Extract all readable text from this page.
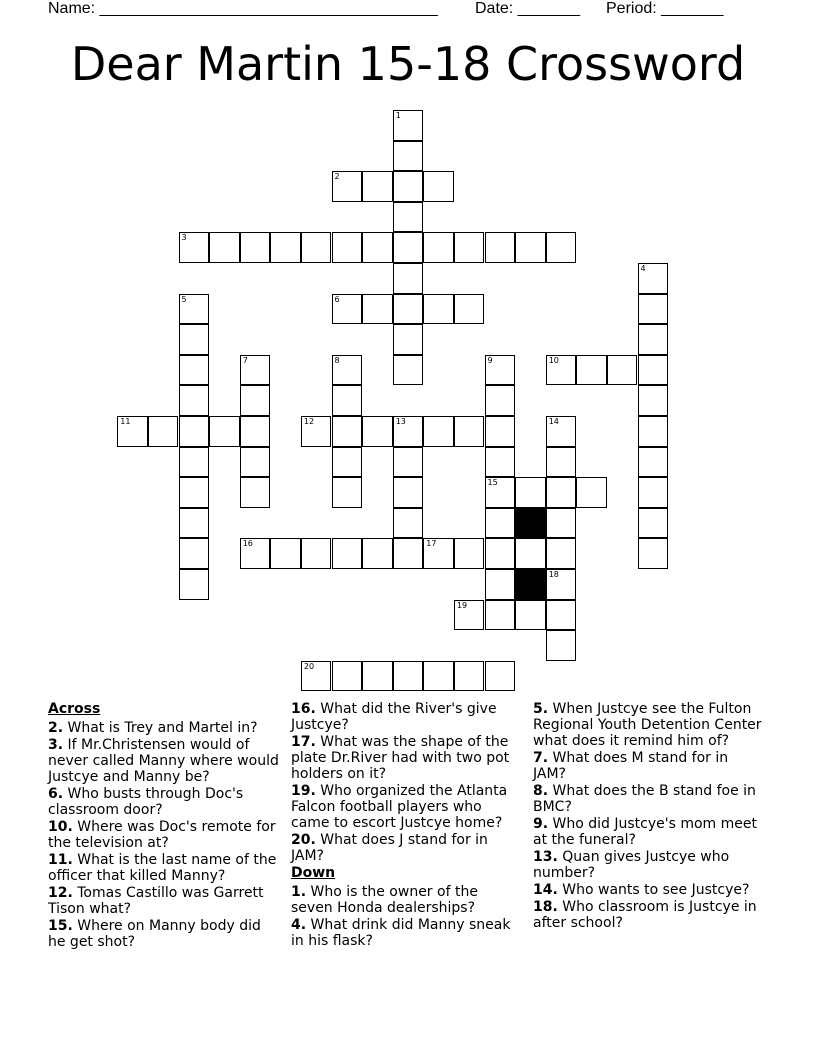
Name: ______________________________________ Date: _______ Period: _______
Dear Martin 15-18 Crossword
1
2
3
4
5	6
7	8	9
15
10
11	12	13	14
16	17
18
19
20
Across
2. What is Trey and Martel in?
3. If Mr.Christensen would of never called Manny where would Justcye and Manny be?
6. Who busts through Doc's classroom door?
10. Where was Doc's remote for the television at?
11. What is the last name of the officer that killed Manny?
12. Tomas Castillo was Garrett Tison what?
15. Where on Manny body did he get shot?
16. What did the River's give Justcye?
17. What was the shape of the plate Dr.River had with two pot holders on it?
19. Who organized the Atlanta Falcon football players who came to escort Justcye home?
20. What does J stand for in JAM?
Down
1. Who is the owner of the seven Honda dealerships?
4. What drink did Manny sneak in his flask?
5. When Justcye see the Fulton Regional Youth Detention Center what does it remind him of?
7. What does M stand for in JAM?
8. What does the B stand foe in BMC?
9. Who did Justcye's mom meet at the funeral?
13. Quan gives Justcye who number?
14. Who wants to see Justcye?
18. Who classroom is Justcye in after school?
